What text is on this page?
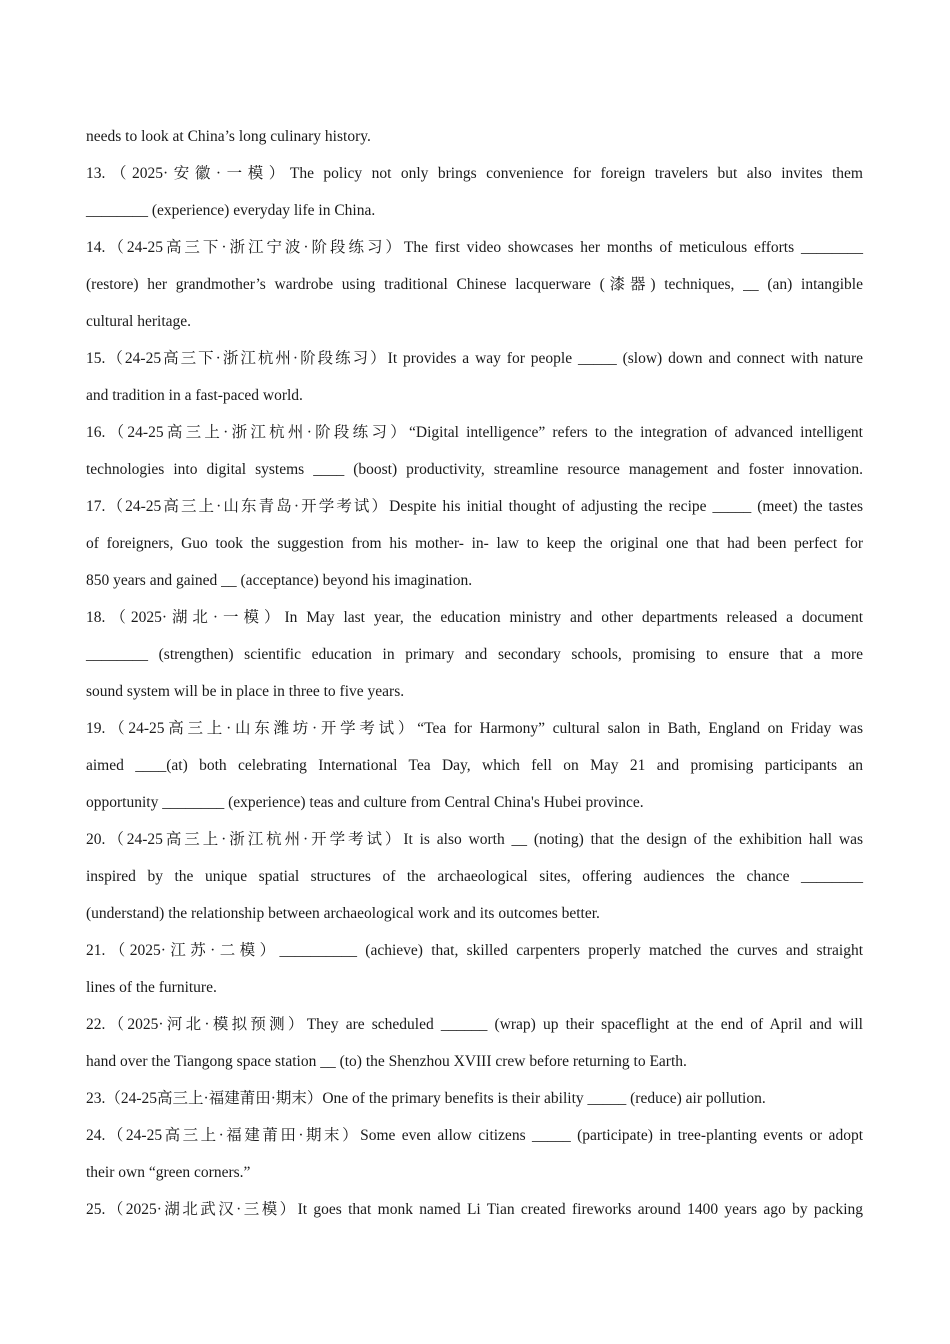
needs to look at China’s long culinary history.
13.（2025·安徽·一模）The policy not only brings convenience for foreign travelers but also invites them
________ (experience) everyday life in China.
14.（24-25高三下·浙江宁波·阶段练习）The first video showcases her months of meticulous efforts ________
(restore) her grandmother’s wardrobe using traditional Chinese lacquerware (漆器) techniques, __ (an) intangible
cultural heritage.
15.（24-25高三下·浙江杭州·阶段练习）It provides a way for people _____ (slow) down and connect with nature
and tradition in a fast-paced world.
16.（24-25高三上·浙江杭州·阶段练习）“Digital intelligence” refers to the integration of advanced intelligent
technologies into digital systems ____ (boost) productivity, streamline resource management and foster innovation.
17.（24-25高三上·山东青岛·开学考试）Despite his initial thought of adjusting the recipe _____ (meet) the tastes
of foreigners, Guo took the suggestion from his mother- in- law to keep the original one that had been perfect for
850 years and gained __ (acceptance) beyond his imagination.
18.（2025·湖北·一模）In May last year, the education ministry and other departments released a document
________ (strengthen) scientific education in primary and secondary schools, promising to ensure that a more
sound system will be in place in three to five years.
19.（24-25高三上·山东潍坊·开学考试）“Tea for Harmony” cultural salon in Bath, England on Friday was
aimed ____(at) both celebrating International Tea Day, which fell on May 21 and promising participants an
opportunity ________ (experience) teas and culture from Central China's Hubei province.
20.（24-25高三上·浙江杭州·开学考试）It is also worth __ (noting) that the design of the exhibition hall was
inspired by the unique spatial structures of the archaeological sites, offering audiences the chance ________
(understand) the relationship between archaeological work and its outcomes better.
21.（2025·江苏·二模）__________ (achieve) that, skilled carpenters properly matched the curves and straight
lines of the furniture.
22.（2025·河北·模拟预测）They are scheduled ______ (wrap) up their spaceflight at the end of April and will
hand over the Tiangong space station __ (to) the Shenzhou XVIII crew before returning to Earth.
23.（24-25高三上·福建莆田·期末）One of the primary benefits is their ability _____ (reduce) air pollution.
24.（24-25高三上·福建莆田·期末）Some even allow citizens _____ (participate) in tree-planting events or adopt
their own “green corners.”
25.（2025·湖北武汉·三模）It goes that monk named Li Tian created fireworks around 1400 years ago by packing
